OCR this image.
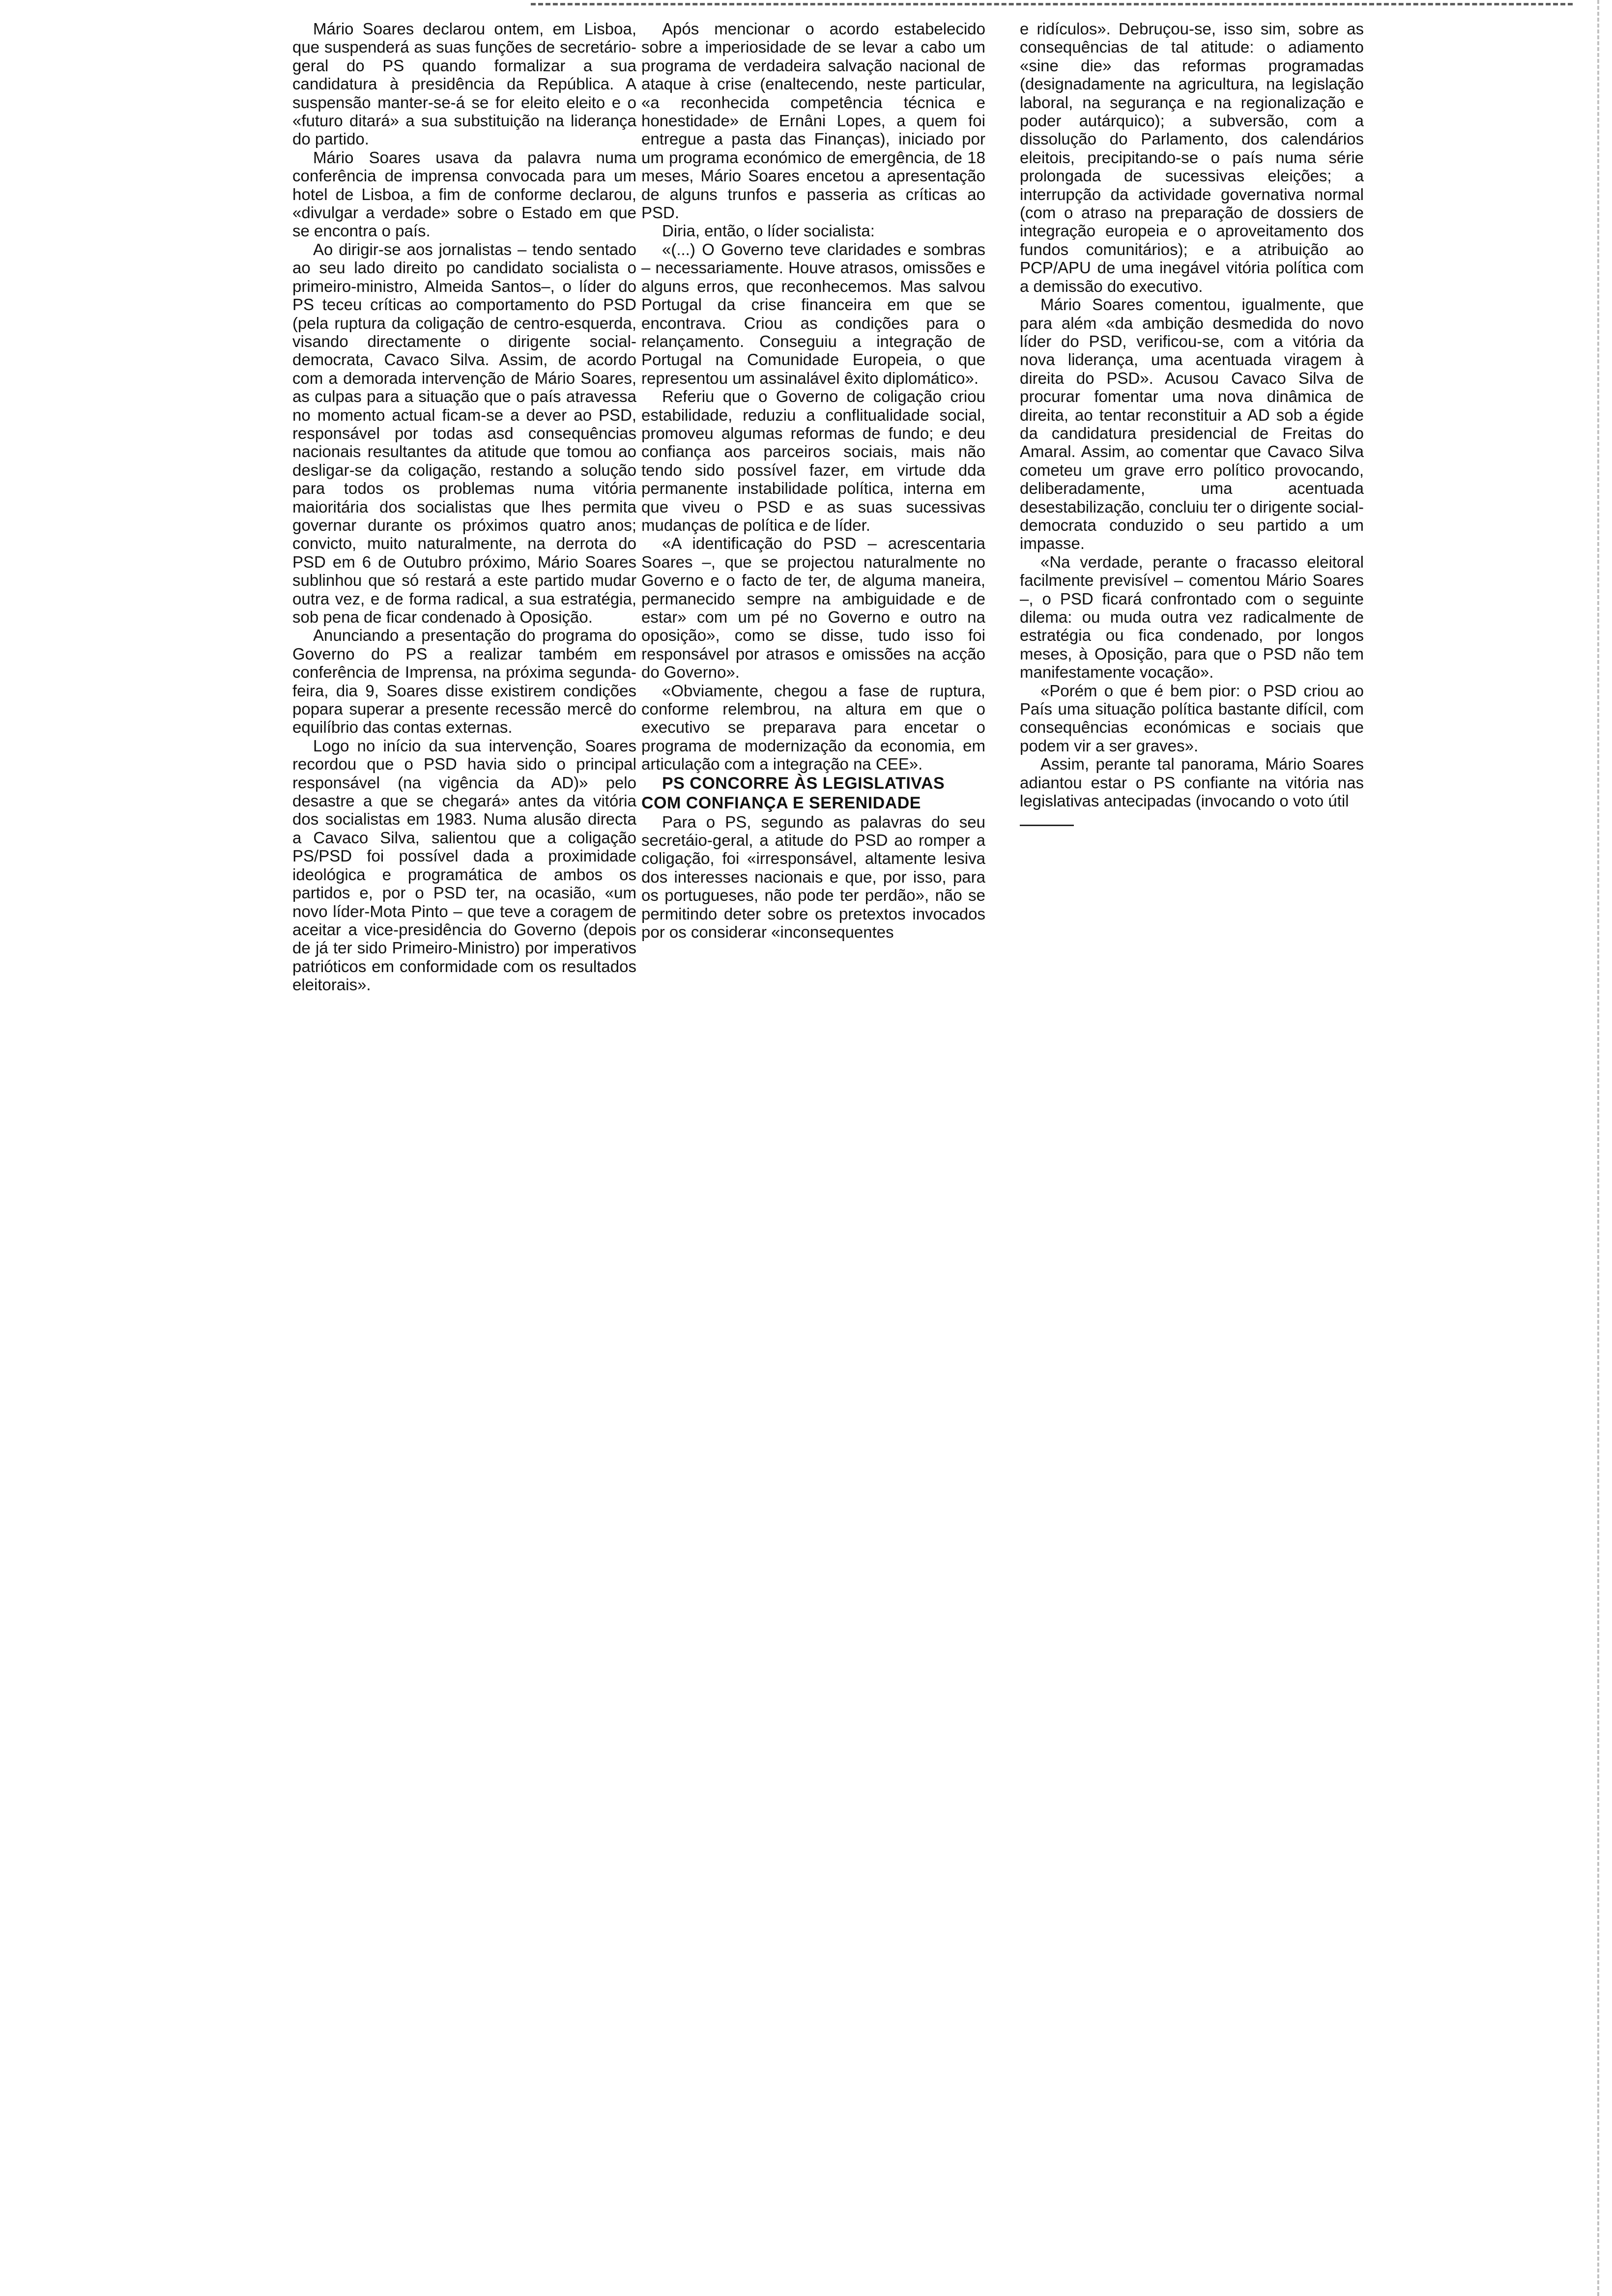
Mário Soares declarou ontem, em Lisboa, que suspenderá as suas funções de secretário-geral do PS quando formalizar a sua candidatura à presidência da República. A suspensão manter-se-á se for eleito eleito e o «futuro ditará» a sua substituição na liderança do partido.

Mário Soares usava da palavra numa conferência de imprensa convocada para um hotel de Lisboa, a fim de conforme declarou, «divulgar a verdade» sobre o Estado em que se encontra o país.

Ao dirigir-se aos jornalistas – tendo sentado ao seu lado direito po candidato socialista o primeiro-ministro, Almeida Santos–, o líder do PS teceu críticas ao comportamento do PSD (pela ruptura da coligação de centro-esquerda, visando directamente o dirigente social-democrata, Cavaco Silva. Assim, de acordo com a demorada intervenção de Mário Soares, as culpas para a situação que o país atravessa no momento actual ficam-se a dever ao PSD, responsável por todas asd consequências nacionais resultantes da atitude que tomou ao desligar-se da coligação, restando a solução para todos os problemas numa vitória maioritária dos socialistas que lhes permita governar durante os próximos quatro anos; convicto, muito naturalmente, na derrota do PSD em 6 de Outubro próximo, Mário Soares sublinhou que só restará a este partido mudar outra vez, e de forma radical, a sua estratégia, sob pena de ficar condenado à Oposição.

Anunciando a presentação do programa do Governo do PS a realizar também em conferência de Imprensa, na próxima segunda-feira, dia 9, Soares disse existirem condições popara superar a presente recessão mercê do equilíbrio das contas externas.

Logo no início da sua intervenção, Soares recordou que o PSD havia sido o principal responsável (na vigência da AD)» pelo desastre a que se chegará» antes da vitória dos socialistas em 1983. Numa alusão directa a Cavaco Silva, salientou que a coligação PS/PSD foi possível dada a proximidade ideológica e programática de ambos os partidos e, por o PSD ter, na ocasião, «um novo líder-Mota Pinto – que teve a coragem de aceitar a vice-presidência do Governo (depois de já ter sido Primeiro-Ministro) por imperativos patrióticos em conformidade com os resultados eleitorais».

Após mencionar o acordo estabelecido sobre a imperiosidade de se levar a cabo um programa de verdadeira salvação nacional de ataque à crise (enaltecendo, neste particular, «a reconhecida competência técnica e honestidade» de Ernâni Lopes, a quem foi entregue a pasta das Finanças), iniciado por um programa económico de emergência, de 18 meses, Mário Soares encetou a apresentação de alguns trunfos e passeria as críticas ao PSD.

Diria, então, o líder socialista:

«(...) O Governo teve claridades e sombras – necessariamente. Houve atrasos, omissões e alguns erros, que reconhecemos. Mas salvou Portugal da crise financeira em que se encontrava. Criou as condições para o relançamento. Conseguiu a integração de Portugal na Comunidade Europeia, o que representou um assinalável êxito diplomático».

Referiu que o Governo de coligação criou estabilidade, reduziu a conflitualidade social, promoveu algumas reformas de fundo; e deu confiança aos parceiros sociais, mais não tendo sido possível fazer, em virtude dda permanente instabilidade política, interna em que viveu o PSD e as suas sucessivas mudanças de política e de líder.

«A identificação do PSD – acrescentaria Soares –, que se projectou naturalmente no Governo e o facto de ter, de alguma maneira, permanecido sempre na ambiguidade e de estar» com um pé no Governo e outro na oposição», como se disse, tudo isso foi responsável por atrasos e omissões na acção do Governo».

«Obviamente, chegou a fase de ruptura, conforme relembrou, na altura em que o executivo se preparava para encetar o programa de modernização da economia, em articulação com a integração na CEE».

PS CONCORRE ÀS LEGISLATIVAS COM CONFIANÇA E SERENIDADE

Para o PS, segundo as palavras do seu secretáio-geral, a atitude do PSD ao romper a coligação, foi «irresponsável, altamente lesiva dos interesses nacionais e que, por isso, para os portugueses, não pode ter perdão», não se permitindo deter sobre os pretextos invocados por os considerar «inconsequentes

e ridículos». Debruçou-se, isso sim, sobre as consequências de tal atitude: o adiamento «sine die» das reformas programadas (designadamente na agricultura, na legislação laboral, na segurança e na regionalização e poder autárquico); a subversão, com a dissolução do Parlamento, dos calendários eleitois, precipitando-se o país numa série prolongada de sucessivas eleições; a interrupção da actividade governativa normal (com o atraso na preparação de dossiers de integração europeia e o aproveitamento dos fundos comunitários); e a atribuição ao PCP/APU de uma inegável vitória política com a demissão do executivo.

Mário Soares comentou, igualmente, que para além «da ambição desmedida do novo líder do PSD, verificou-se, com a vitória da nova liderança, uma acentuada viragem à direita do PSD». Acusou Cavaco Silva de procurar fomentar uma nova dinâmica de direita, ao tentar reconstituir a AD sob a égide da candidatura presidencial de Freitas do Amaral. Assim, ao comentar que Cavaco Silva cometeu um grave erro político provocando, deliberadamente, uma acentuada desestabilização, concluiu ter o dirigente social-democrata conduzido o seu partido a um impasse.

«Na verdade, perante o fracasso eleitoral facilmente previsível – comentou Mário Soares –, o PSD ficará confrontado com o seguinte dilema: ou muda outra vez radicalmente de estratégia ou fica condenado, por longos meses, à Oposição, para que o PSD não tem manifestamente vocação».

«Porém o que é bem pior: o PSD criou ao País uma situação política bastante difícil, com consequências económicas e sociais que podem vir a ser graves».

Assim, perante tal panorama, Mário Soares adiantou estar o PS confiante na vitória nas legislativas antecipadas (invocando o voto útil
